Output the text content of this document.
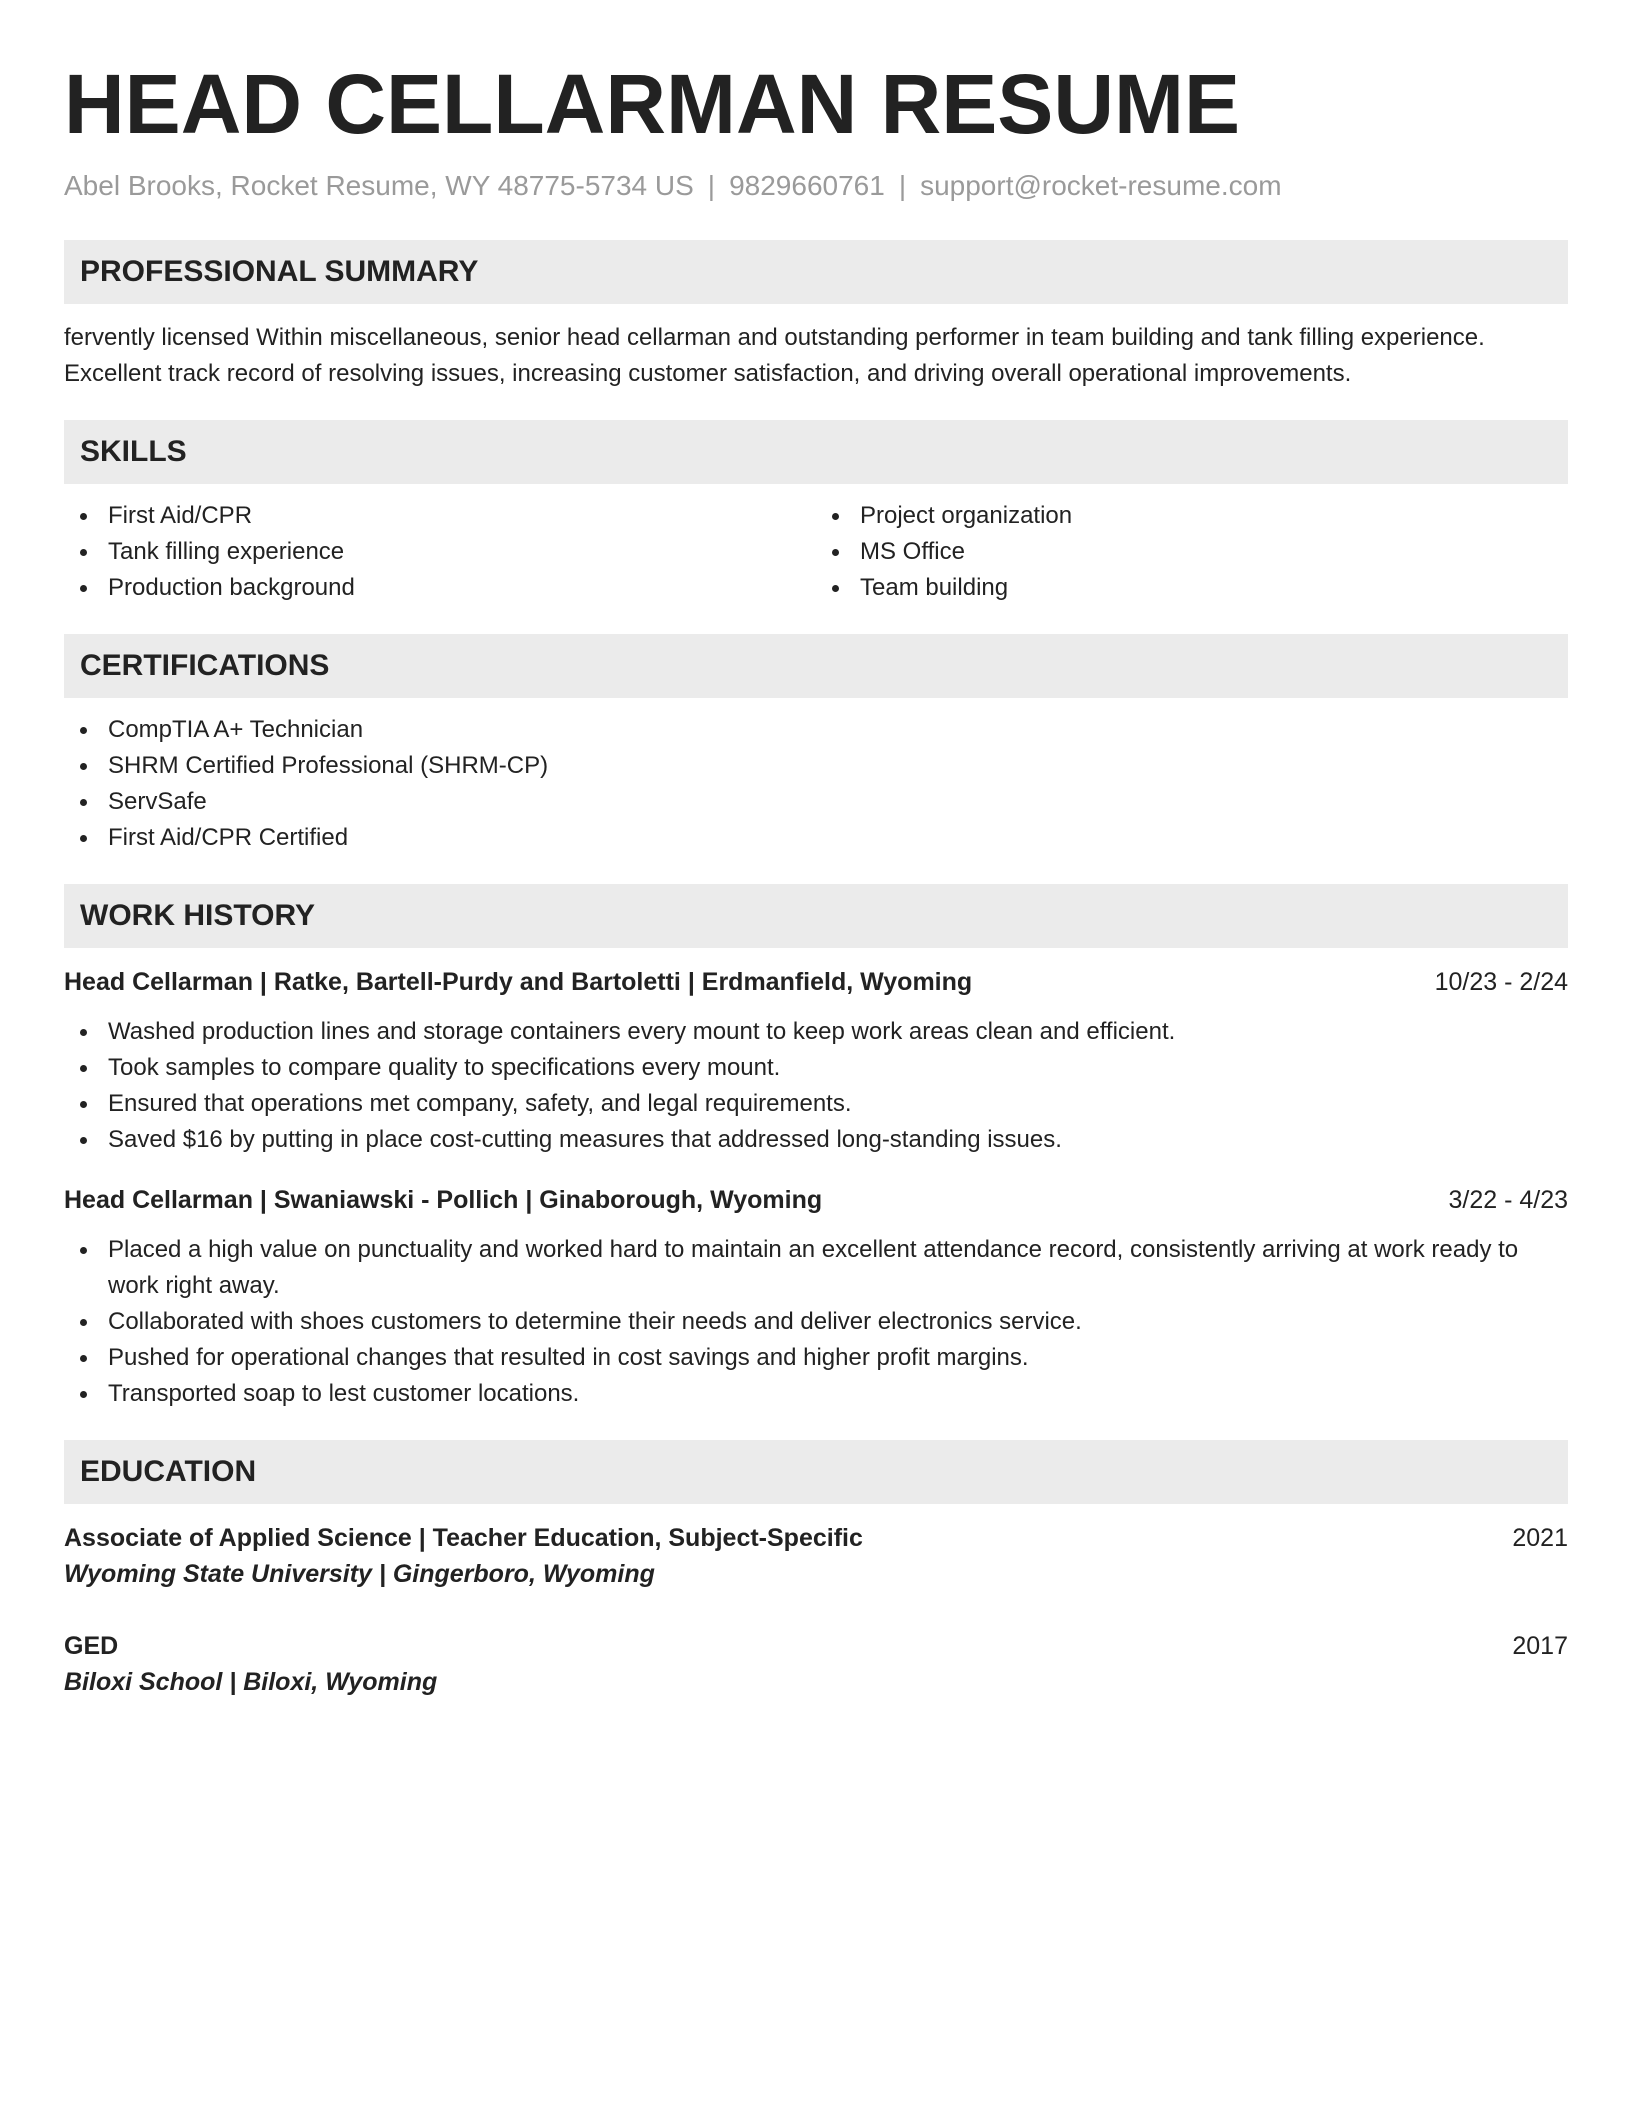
HEAD CELLARMAN RESUME
Abel Brooks, Rocket Resume, WY 48775-5734 US | 9829660761 | support@rocket-resume.com
PROFESSIONAL SUMMARY
fervently licensed Within miscellaneous, senior head cellarman and outstanding performer in team building and tank filling experience. Excellent track record of resolving issues, increasing customer satisfaction, and driving overall operational improvements.
SKILLS
First Aid/CPR
Tank filling experience
Production background
Project organization
MS Office
Team building
CERTIFICATIONS
CompTIA A+ Technician
SHRM Certified Professional (SHRM-CP)
ServSafe
First Aid/CPR Certified
WORK HISTORY
Head Cellarman | Ratke, Bartell-Purdy and Bartoletti | Erdmanfield, Wyoming	10/23 - 2/24
Washed production lines and storage containers every mount to keep work areas clean and efficient.
Took samples to compare quality to specifications every mount.
Ensured that operations met company, safety, and legal requirements.
Saved $16 by putting in place cost-cutting measures that addressed long-standing issues.
Head Cellarman | Swaniawski - Pollich | Ginaborough, Wyoming	3/22 - 4/23
Placed a high value on punctuality and worked hard to maintain an excellent attendance record, consistently arriving at work ready to work right away.
Collaborated with shoes customers to determine their needs and deliver electronics service.
Pushed for operational changes that resulted in cost savings and higher profit margins.
Transported soap to lest customer locations.
EDUCATION
Associate of Applied Science | Teacher Education, Subject-Specific	2021
Wyoming State University | Gingerboro, Wyoming
GED	2017
Biloxi School | Biloxi, Wyoming
